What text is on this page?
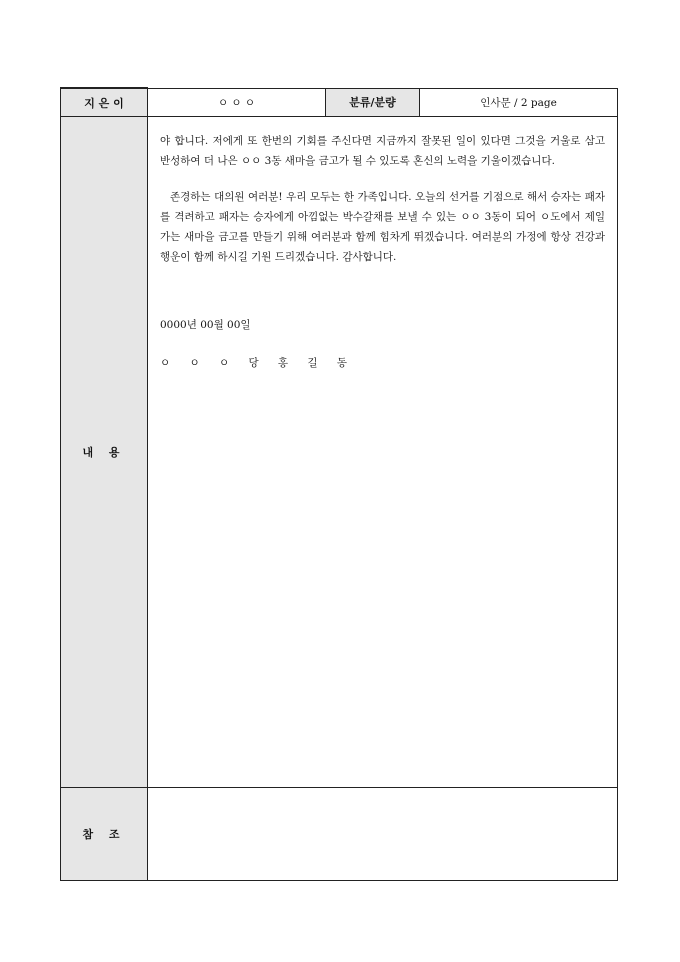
지 은 이	ㅇ ㅇ ㅇ	분류/분량	인사문 / 2 page
내 용	야 합니다. 저에게 또 한번의 기회를 주신다면 지금까지 잘못된 일이 있다면 그것을 거울로 삼고 반성하여 더 나은 ㅇㅇ 3동 새마을 금고가 될 수 있도록 혼신의 노력을 기울이겠습니다.

존경하는 대의원 여러분! 우리 모두는 한 가족입니다. 오늘의 선거를 기점으로 해서 승자는 패자를 격려하고 패자는 승자에게 아낌없는 박수갈채를 보낼 수 있는 ㅇㅇ 3동이 되어 ㅇ도에서 제일가는 새마을 금고를 만들기 위해 여러분과 함께 힘차게 뛰겠습니다. 여러분의 가정에 항상 건강과 행운이 함께 하시길 기원 드리겠습니다. 감사합니다.

0000년 00월 00일

ㅇ ㅇ ㅇ 당 홍 길 동		

참 조			
